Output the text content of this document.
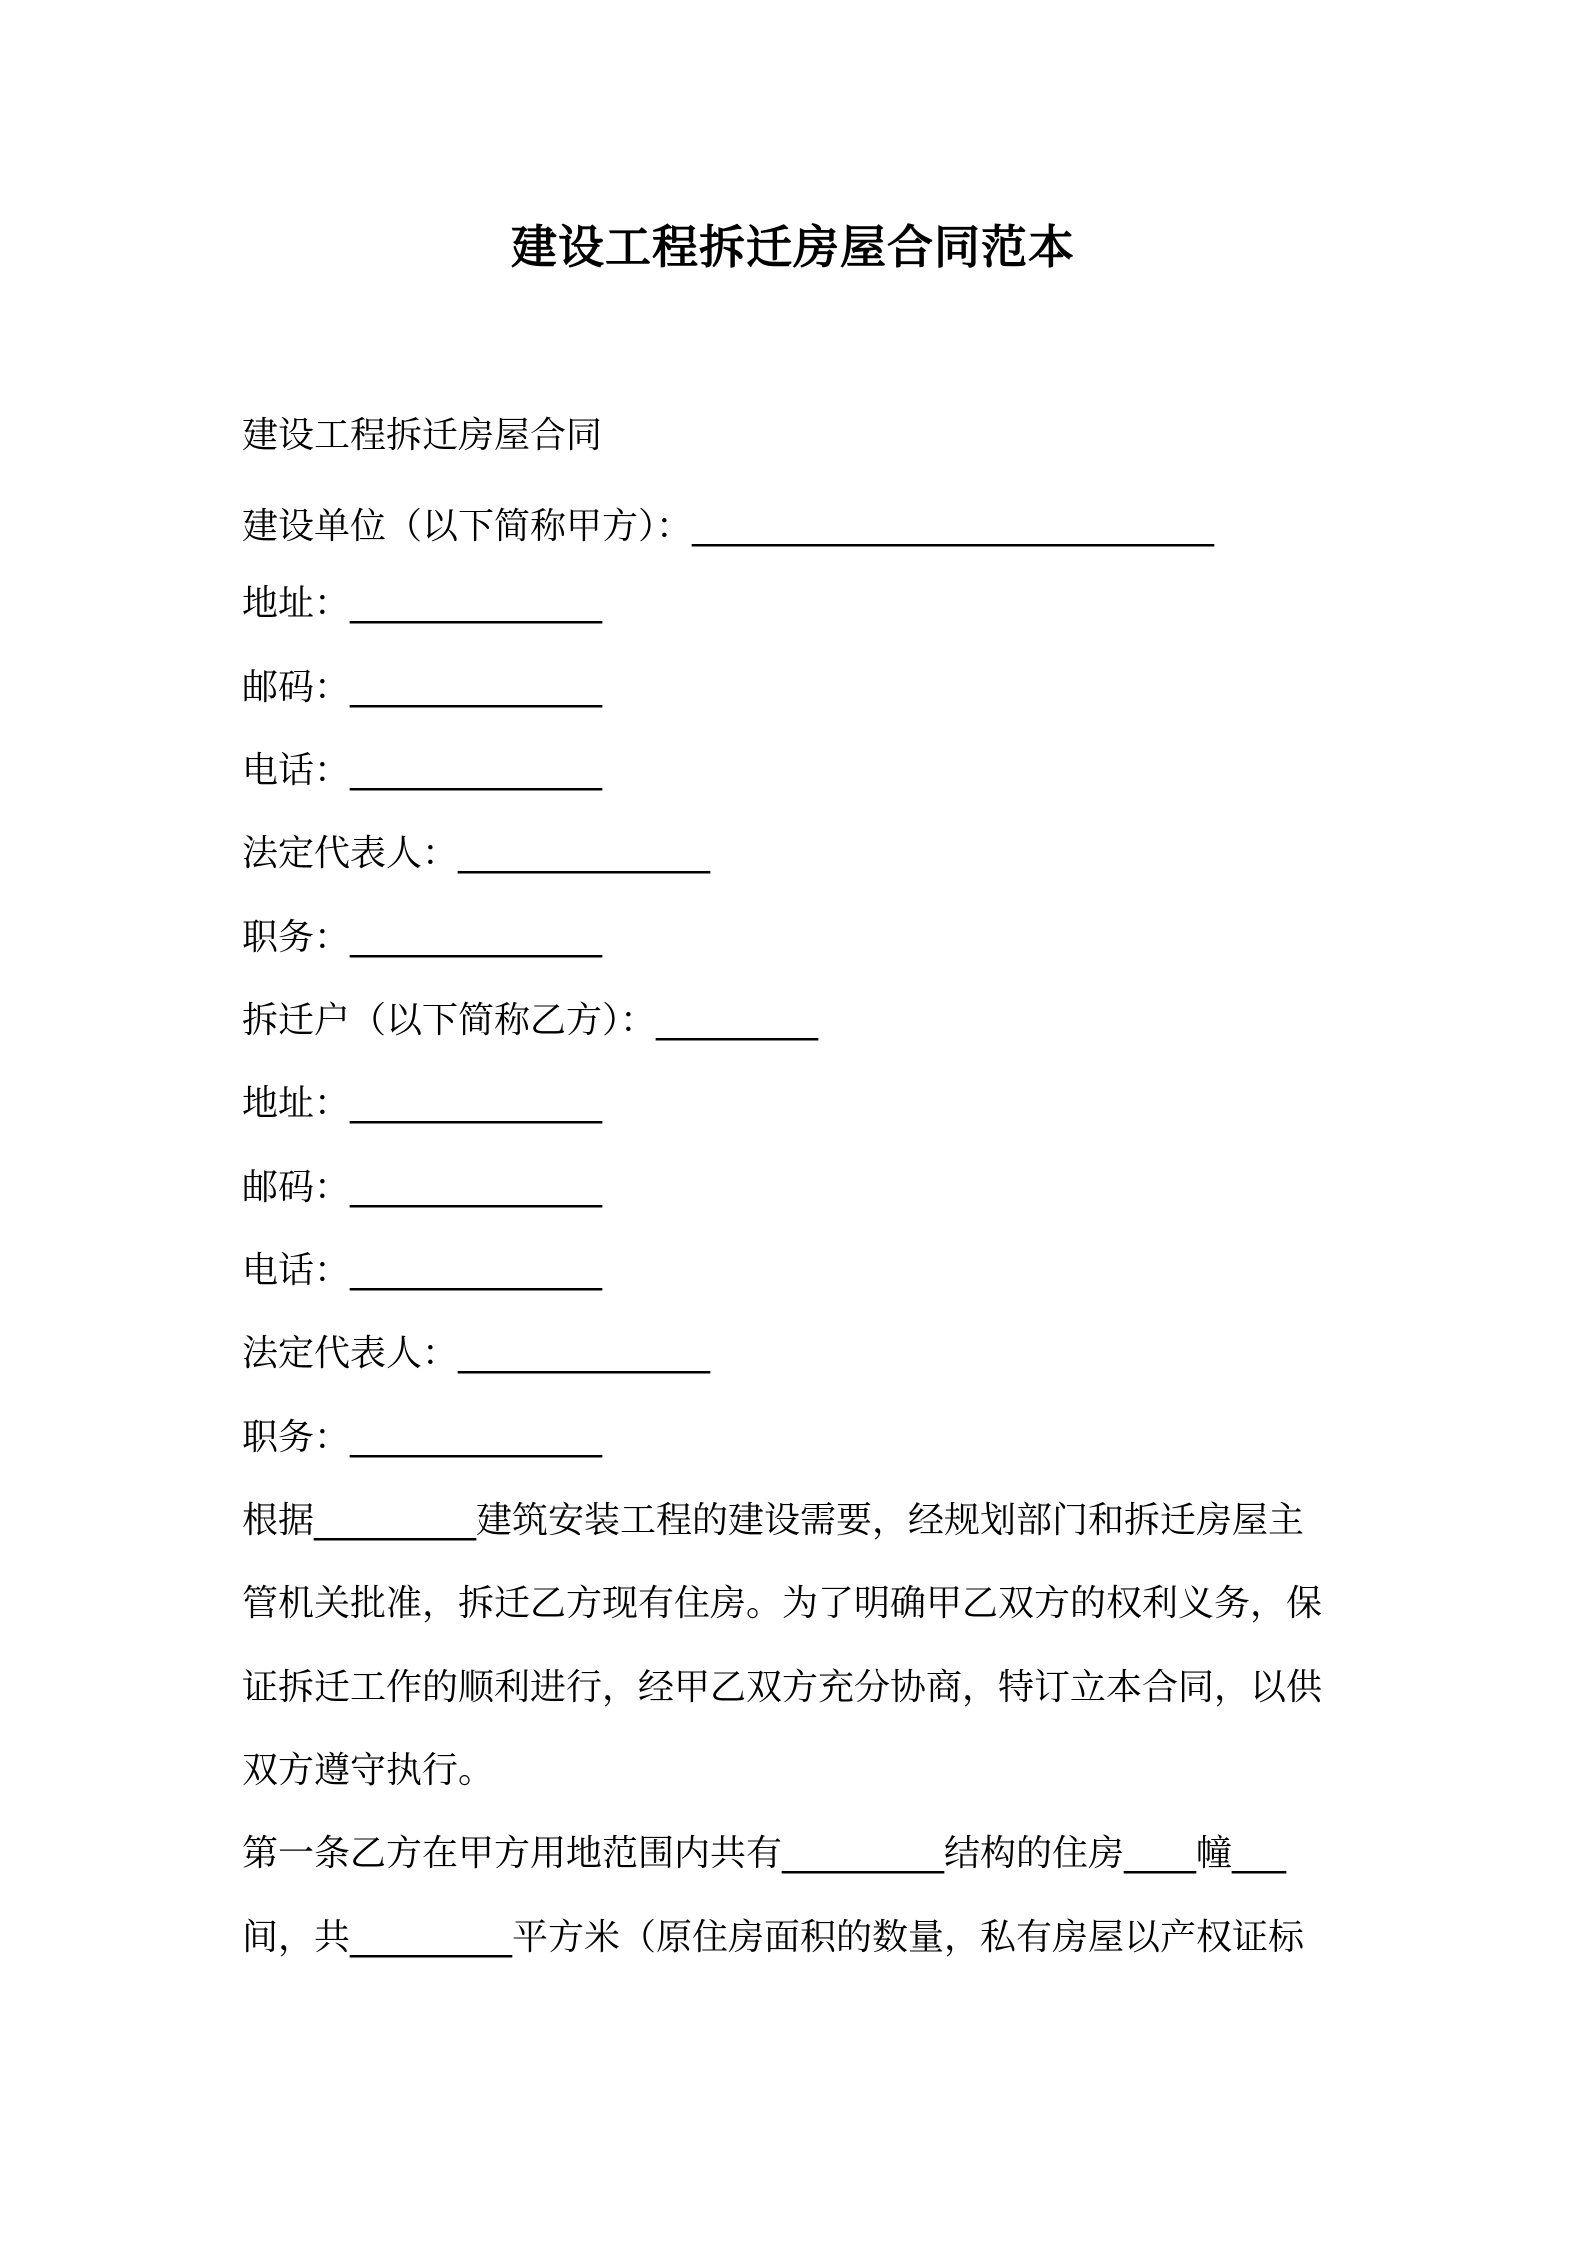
建设工程拆迁房屋合同范本
建设工程拆迁房屋合同
建设单位（以下简称甲方）：_____________________________
地址：______________
邮码：______________
电话：______________
法定代表人：______________
职务：______________
拆迁户（以下简称乙方）：_________
地址：______________
邮码：______________
电话：______________
法定代表人：______________
职务：______________
根据_________建筑安装工程的建设需要，经规划部门和拆迁房屋主
管机关批准，拆迁乙方现有住房。为了明确甲乙双方的权利义务，保
证拆迁工作的顺利进行，经甲乙双方充分协商，特订立本合同，以供
双方遵守执行。
第一条乙方在甲方用地范围内共有_________结构的住房____幢___
间，共_________平方米（原住房面积的数量，私有房屋以产权证标
